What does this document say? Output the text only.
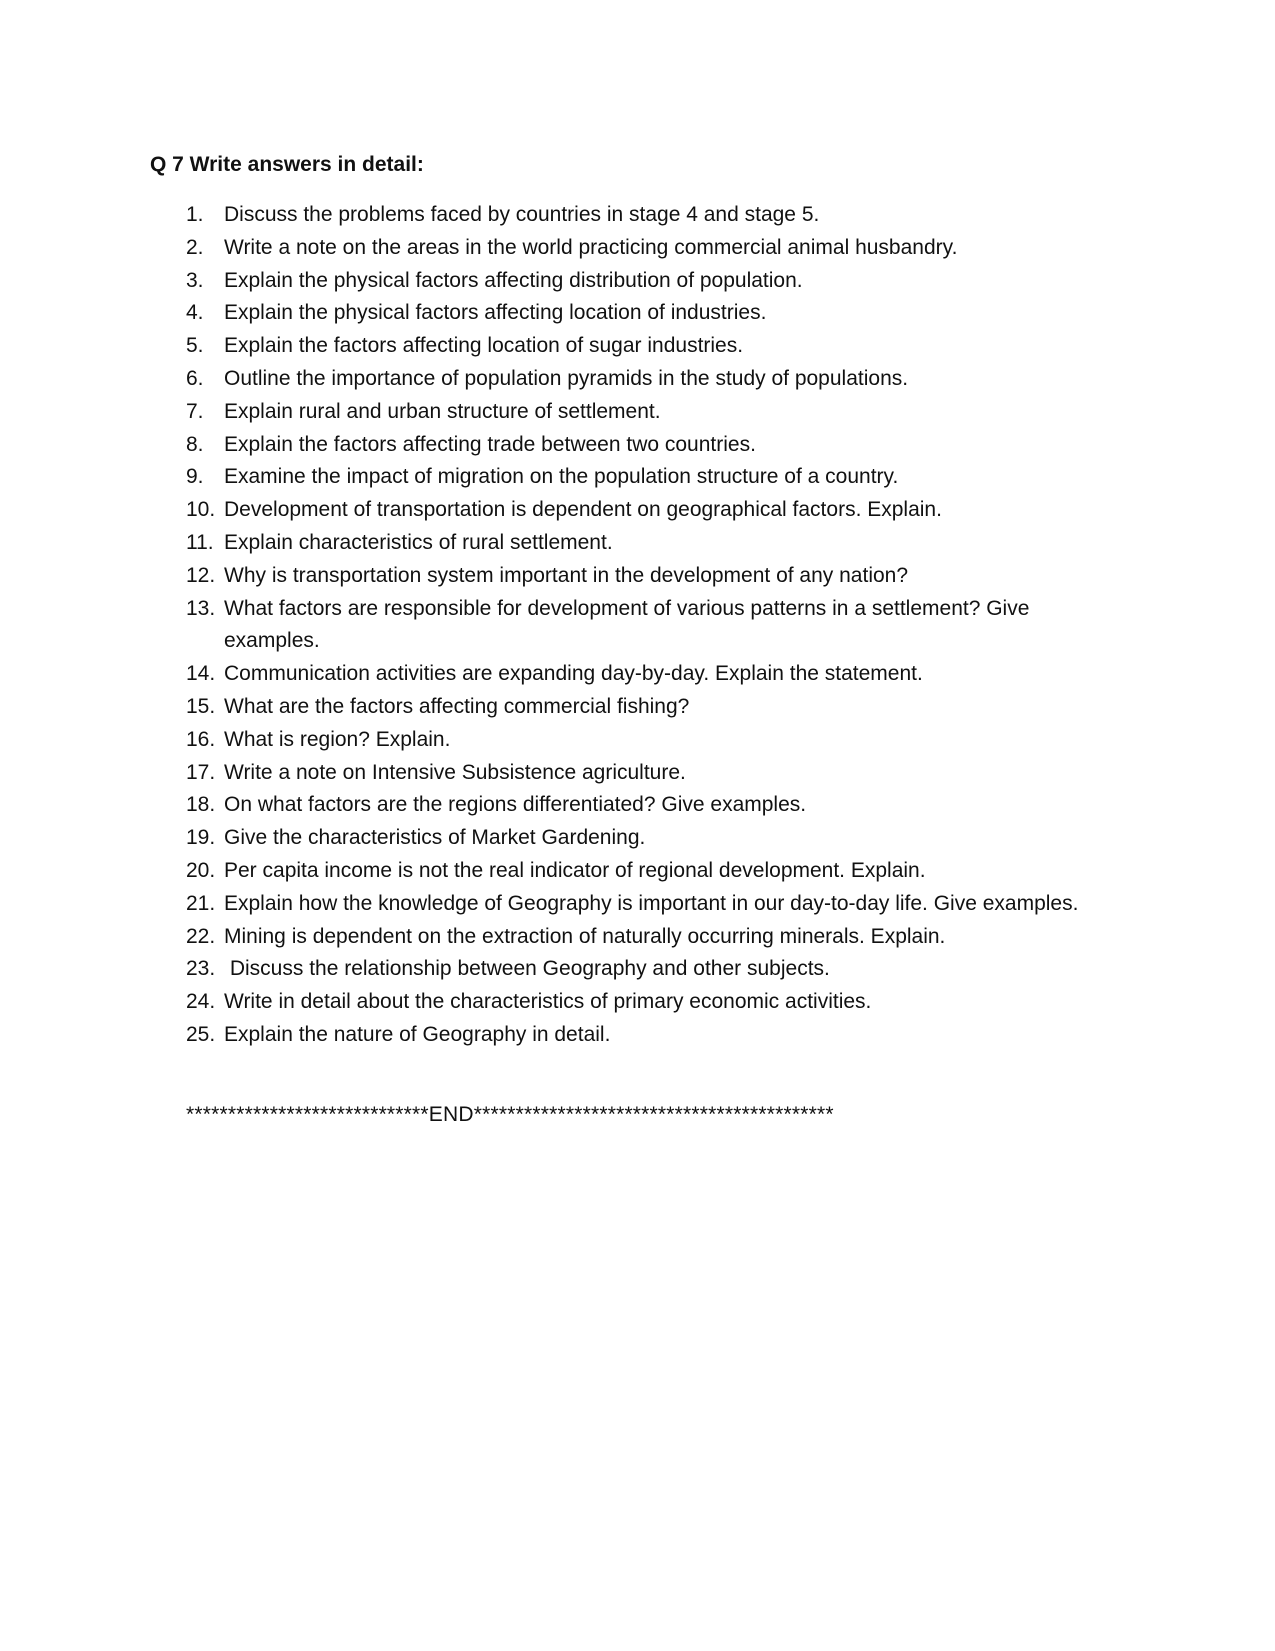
Q 7 Write answers in detail:
1. Discuss the problems faced by countries in stage 4 and stage 5.
2. Write a note on the areas in the world practicing commercial animal husbandry.
3. Explain the physical factors affecting distribution of population.
4. Explain the physical factors affecting location of industries.
5. Explain the factors affecting location of sugar industries.
6. Outline the importance of population pyramids in the study of populations.
7. Explain rural and urban structure of settlement.
8. Explain the factors affecting trade between two countries.
9. Examine the impact of migration on the population structure of a country.
10. Development of transportation is dependent on geographical factors. Explain.
11. Explain characteristics of rural settlement.
12. Why is transportation system important in the development of any nation?
13. What factors are responsible for development of various patterns in a settlement? Give examples.
14. Communication activities are expanding day-by-day. Explain the statement.
15. What are the factors affecting commercial fishing?
16. What is region? Explain.
17. Write a note on Intensive Subsistence agriculture.
18. On what factors are the regions differentiated? Give examples.
19. Give the characteristics of Market Gardening.
20. Per capita income is not the real indicator of regional development. Explain.
21. Explain how the knowledge of Geography is important in our day-to-day life. Give examples.
22. Mining is dependent on the extraction of naturally occurring minerals. Explain.
23. Discuss the relationship between Geography and other subjects.
24. Write in detail about the characteristics of primary economic activities.
25. Explain the nature of Geography in detail.
*****************************END*******************************************
